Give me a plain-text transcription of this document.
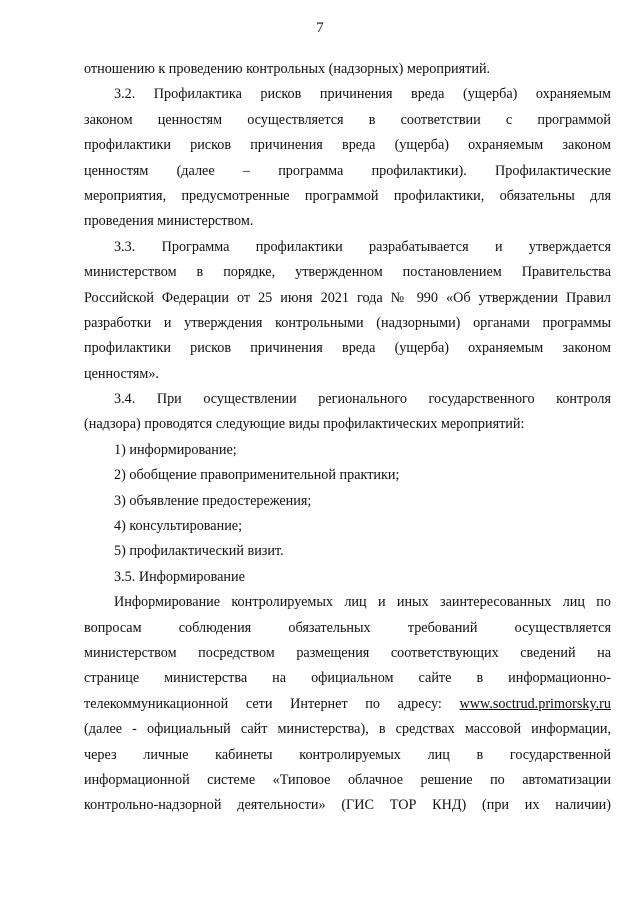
7
отношению к проведению контрольных (надзорных) мероприятий.
3.2. Профилактика рисков причинения вреда (ущерба) охраняемым
законом ценностям осуществляется в соответствии с программой
профилактики рисков причинения вреда (ущерба) охраняемым законом
ценностям (далее – программа профилактики). Профилактические
мероприятия, предусмотренные программой профилактики, обязательны для
проведения министерством.
3.3. Программа профилактики разрабатывается и утверждается
министерством в порядке, утвержденном постановлением Правительства
Российской Федерации от 25 июня 2021 года № 990 «Об утверждении Правил
разработки и утверждения контрольными (надзорными) органами программы
профилактики рисков причинения вреда (ущерба) охраняемым законом
ценностям».
3.4. При осуществлении регионального государственного контроля
(надзора) проводятся следующие виды профилактических мероприятий:
1) информирование;
2) обобщение правоприменительной практики;
3) объявление предостережения;
4) консультирование;
5) профилактический визит.
3.5. Информирование
Информирование контролируемых лиц и иных заинтересованных лиц по
вопросам соблюдения обязательных требований осуществляется
министерством посредством размещения соответствующих сведений на
странице министерства на официальном сайте в информационно-
телекоммуникационной сети Интернет по адресу: www.soctrud.primorsky.ru
(далее - официальный сайт министерства), в средствах массовой информации,
через личные кабинеты контролируемых лиц в государственной
информационной системе «Типовое облачное решение по автоматизации
контрольно-надзорной деятельности» (ГИС ТОР КНД) (при их наличии)
